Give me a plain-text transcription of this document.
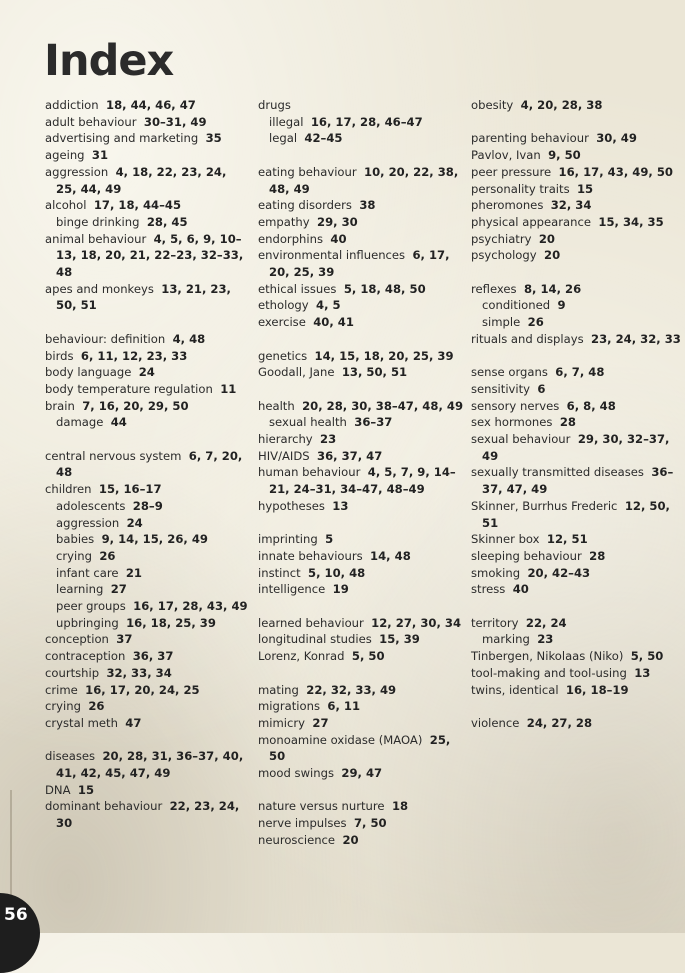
Index
addiction 18, 44, 46, 47
adult behaviour 30–31, 49
advertising and marketing 35
ageing 31
aggression 4, 18, 22, 23, 24, 25, 44, 49
alcohol 17, 18, 44–45
binge drinking 28, 45
animal behaviour 4, 5, 6, 9, 10–13, 18, 20, 21, 22–23, 32–33, 48
apes and monkeys 13, 21, 23, 50, 51
behaviour: definition 4, 48
birds 6, 11, 12, 23, 33
body language 24
body temperature regulation 11
brain 7, 16, 20, 29, 50
damage 44
central nervous system 6, 7, 20, 48
children 15, 16–17
adolescents 28–9
aggression 24
babies 9, 14, 15, 26, 49
crying 26
infant care 21
learning 27
peer groups 16, 17, 28, 43, 49
upbringing 16, 18, 25, 39
conception 37
contraception 36, 37
courtship 32, 33, 34
crime 16, 17, 20, 24, 25
crying 26
crystal meth 47
diseases 20, 28, 31, 36–37, 40, 41, 42, 45, 47, 49
DNA 15
dominant behaviour 22, 23, 24, 30
drugs
illegal 16, 17, 28, 46–47
legal 42–45
eating behaviour 10, 20, 22, 38, 48, 49
eating disorders 38
empathy 29, 30
endorphins 40
environmental influences 6, 17, 20, 25, 39
ethical issues 5, 18, 48, 50
ethology 4, 5
exercise 40, 41
genetics 14, 15, 18, 20, 25, 39
Goodall, Jane 13, 50, 51
health 20, 28, 30, 38–47, 48, 49
sexual health 36–37
hierarchy 23
HIV/AIDS 36, 37, 47
human behaviour 4, 5, 7, 9, 14–21, 24–31, 34–47, 48–49
hypotheses 13
imprinting 5
innate behaviours 14, 48
instinct 5, 10, 48
intelligence 19
learned behaviour 12, 27, 30, 34
longitudinal studies 15, 39
Lorenz, Konrad 5, 50
mating 22, 32, 33, 49
migrations 6, 11
mimicry 27
monoamine oxidase (MAOA) 25, 50
mood swings 29, 47
nature versus nurture 18
nerve impulses 7, 50
neuroscience 20
obesity 4, 20, 28, 38
parenting behaviour 30, 49
Pavlov, Ivan 9, 50
peer pressure 16, 17, 43, 49, 50
personality traits 15
pheromones 32, 34
physical appearance 15, 34, 35
psychiatry 20
psychology 20
reflexes 8, 14, 26
conditioned 9
simple 26
rituals and displays 23, 24, 32, 33
sense organs 6, 7, 48
sensitivity 6
sensory nerves 6, 8, 48
sex hormones 28
sexual behaviour 29, 30, 32–37, 49
sexually transmitted diseases 36–37, 47, 49
Skinner, Burrhus Frederic 12, 50, 51
Skinner box 12, 51
sleeping behaviour 28
smoking 20, 42–43
stress 40
territory 22, 24
marking 23
Tinbergen, Nikolaas (Niko) 5, 50
tool-making and tool-using 13
twins, identical 16, 18–19
violence 24, 27, 28
56
